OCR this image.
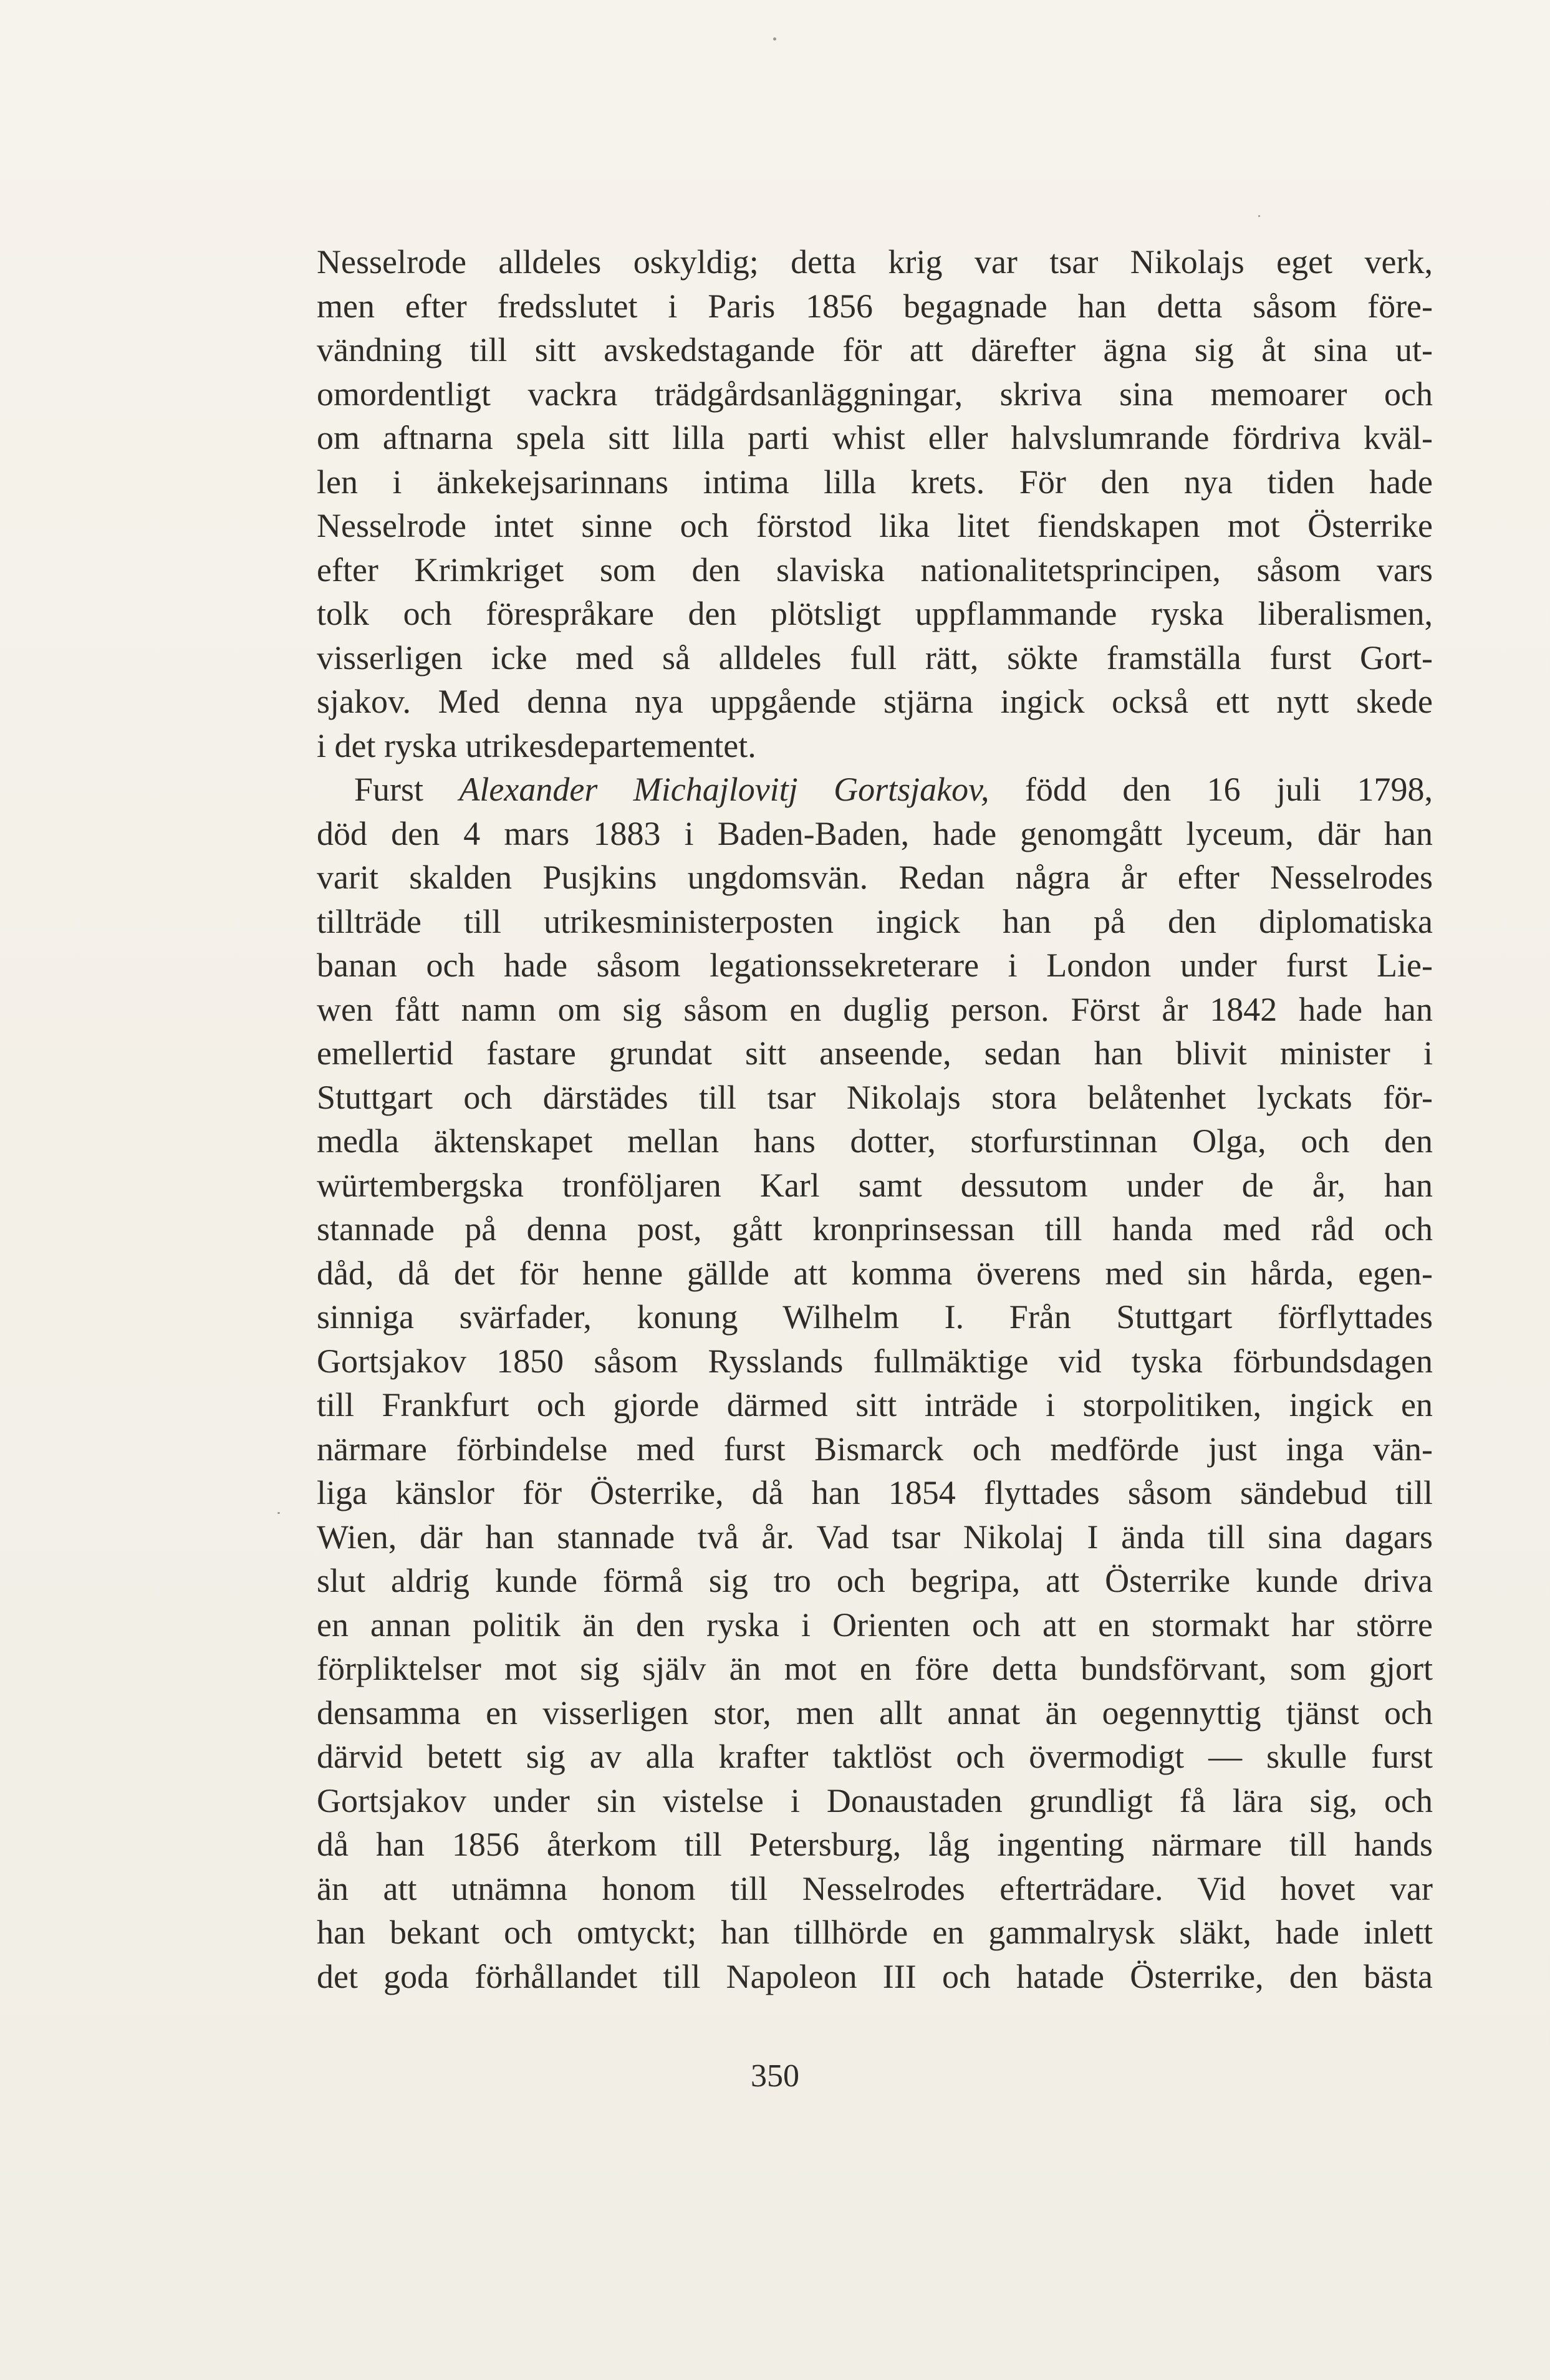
Nesselrode alldeles oskyldig; detta krig var tsar Nikolajs eget verk,
men efter fredsslutet i Paris 1856 begagnade han detta såsom före-
vändning till sitt avskedstagande för att därefter ägna sig åt sina ut-
omordentligt vackra trädgårdsanläggningar, skriva sina memoarer och
om aftnarna spela sitt lilla parti whist eller halvslumrande fördriva kväl-
len i änkekejsarinnans intima lilla krets. För den nya tiden hade
Nesselrode intet sinne och förstod lika litet fiendskapen mot Österrike
efter Krimkriget som den slaviska nationalitetsprincipen, såsom vars
tolk och förespråkare den plötsligt uppflammande ryska liberalismen,
visserligen icke med så alldeles full rätt, sökte framställa furst Gort-
sjakov. Med denna nya uppgående stjärna ingick också ett nytt skede
i det ryska utrikesdepartementet.
Furst Alexander Michajlovitj Gortsjakov, född den 16 juli 1798,
död den 4 mars 1883 i Baden-Baden, hade genomgått lyceum, där han
varit skalden Pusjkins ungdomsvän. Redan några år efter Nesselrodes
tillträde till utrikesministerposten ingick han på den diplomatiska
banan och hade såsom legationssekreterare i London under furst Lie-
wen fått namn om sig såsom en duglig person. Först år 1842 hade han
emellertid fastare grundat sitt anseende, sedan han blivit minister i
Stuttgart och därstädes till tsar Nikolajs stora belåtenhet lyckats för-
medla äktenskapet mellan hans dotter, storfurstinnan Olga, och den
würtembergska tronföljaren Karl samt dessutom under de år, han
stannade på denna post, gått kronprinsessan till handa med råd och
dåd, då det för henne gällde att komma överens med sin hårda, egen-
sinniga svärfader, konung Wilhelm I. Från Stuttgart förflyttades
Gortsjakov 1850 såsom Rysslands fullmäktige vid tyska förbundsdagen
till Frankfurt och gjorde därmed sitt inträde i storpolitiken, ingick en
närmare förbindelse med furst Bismarck och medförde just inga vän-
liga känslor för Österrike, då han 1854 flyttades såsom sändebud till
Wien, där han stannade två år. Vad tsar Nikolaj I ända till sina dagars
slut aldrig kunde förmå sig tro och begripa, att Österrike kunde driva
en annan politik än den ryska i Orienten och att en stormakt har större
förpliktelser mot sig själv än mot en före detta bundsförvant, som gjort
densamma en visserligen stor, men allt annat än oegennyttig tjänst och
därvid betett sig av alla krafter taktlöst och övermodigt — skulle furst
Gortsjakov under sin vistelse i Donaustaden grundligt få lära sig, och
då han 1856 återkom till Petersburg, låg ingenting närmare till hands
än att utnämna honom till Nesselrodes efterträdare. Vid hovet var
han bekant och omtyckt; han tillhörde en gammalrysk släkt, hade inlett
det goda förhållandet till Napoleon III och hatade Österrike, den bästa
350
